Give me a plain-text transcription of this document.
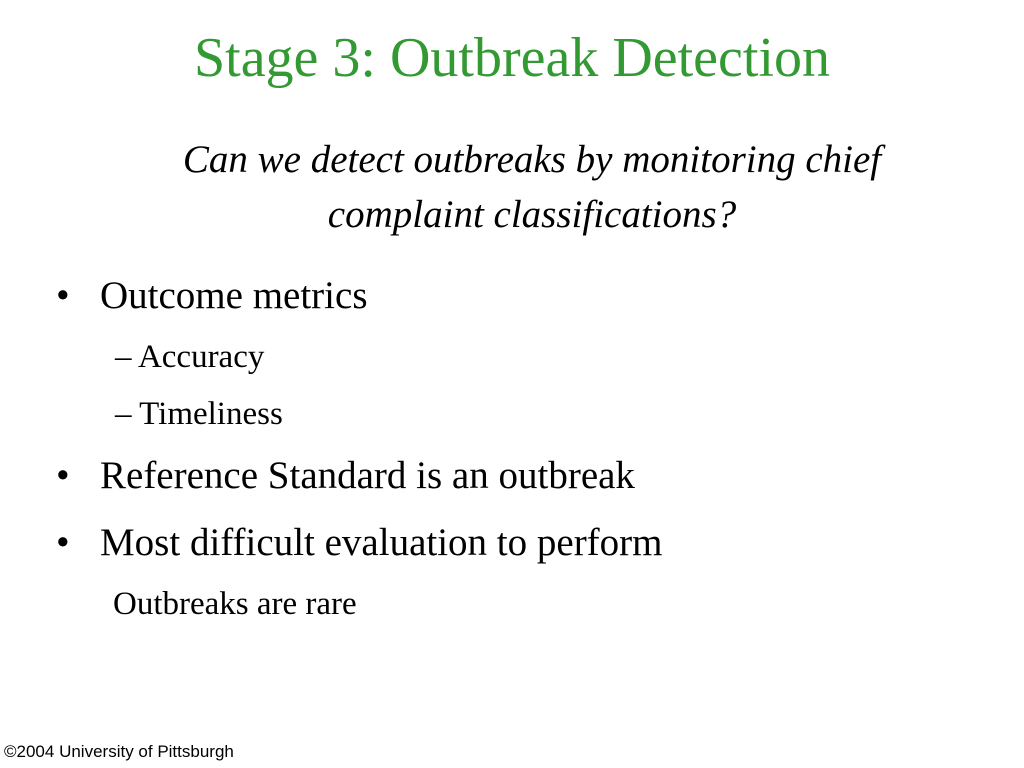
Stage 3: Outbreak Detection
Can we detect outbreaks by monitoring chief
complaint classifications?
• Outcome metrics
– Accuracy
– Timeliness
• Reference Standard is an outbreak
• Most difficult evaluation to perform
Outbreaks are rare
©2004 University of Pittsburgh
